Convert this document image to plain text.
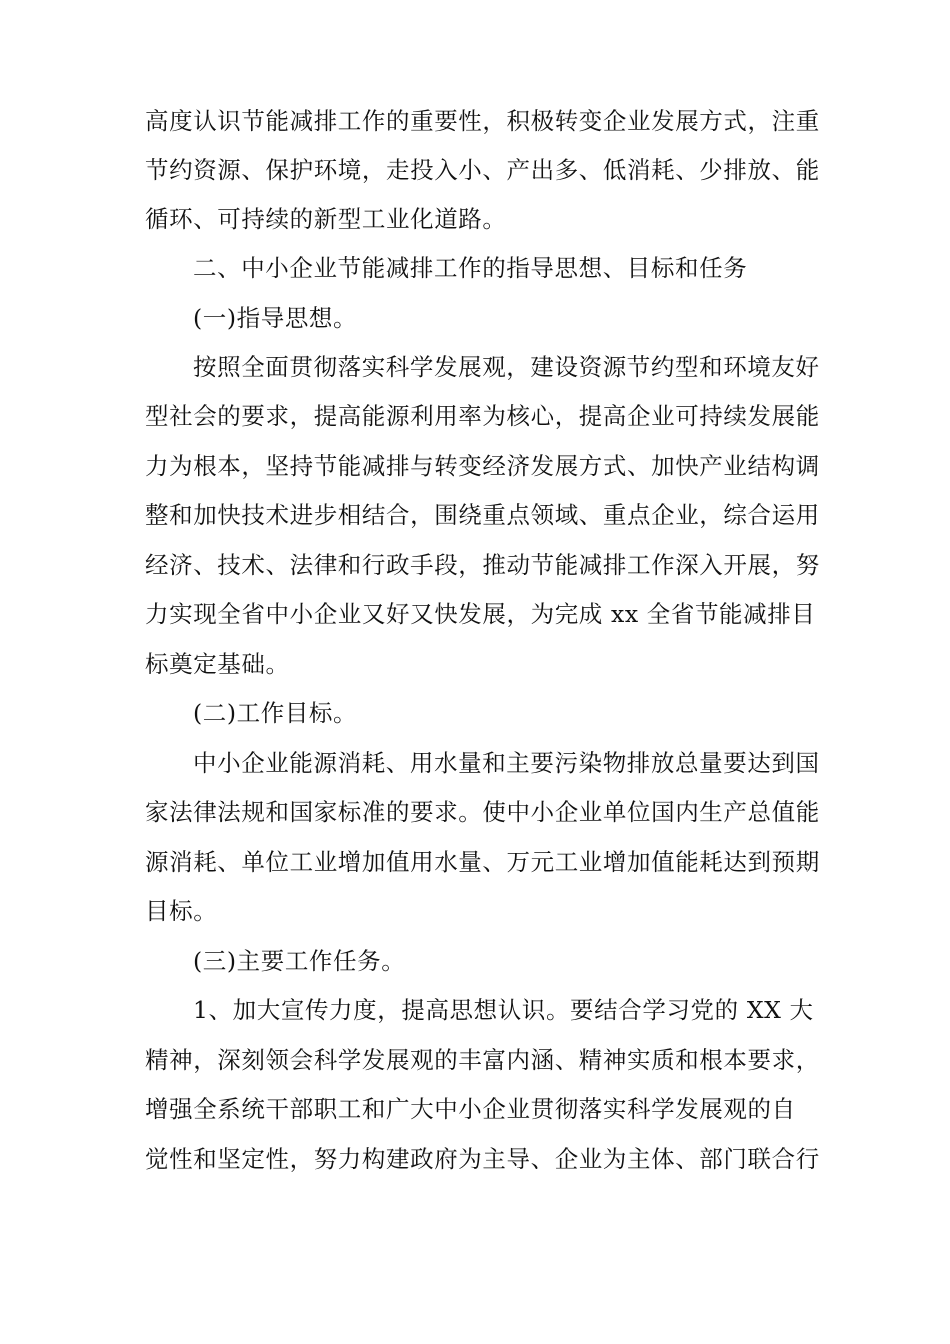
高度认识节能减排工作的重要性，积极转变企业发展方式，注重
节约资源、保护环境，走投入小、产出多、低消耗、少排放、能
循环、可持续的新型工业化道路。
二、中小企业节能减排工作的指导思想、目标和任务
(一)指导思想。
按照全面贯彻落实科学发展观，建设资源节约型和环境友好
型社会的要求，提高能源利用率为核心，提高企业可持续发展能
力为根本，坚持节能减排与转变经济发展方式、加快产业结构调
整和加快技术进步相结合，围绕重点领域、重点企业，综合运用
经济、技术、法律和行政手段，推动节能减排工作深入开展，努
力实现全省中小企业又好又快发展，为完成 xx 全省节能减排目
标奠定基础。
(二)工作目标。
中小企业能源消耗、用水量和主要污染物排放总量要达到国
家法律法规和国家标准的要求。使中小企业单位国内生产总值能
源消耗、单位工业增加值用水量、万元工业增加值能耗达到预期
目标。
(三)主要工作任务。
1、加大宣传力度，提高思想认识。要结合学习党的 XX 大
精神，深刻领会科学发展观的丰富内涵、精神实质和根本要求，
增强全系统干部职工和广大中小企业贯彻落实科学发展观的自
觉性和坚定性，努力构建政府为主导、企业为主体、部门联合行
